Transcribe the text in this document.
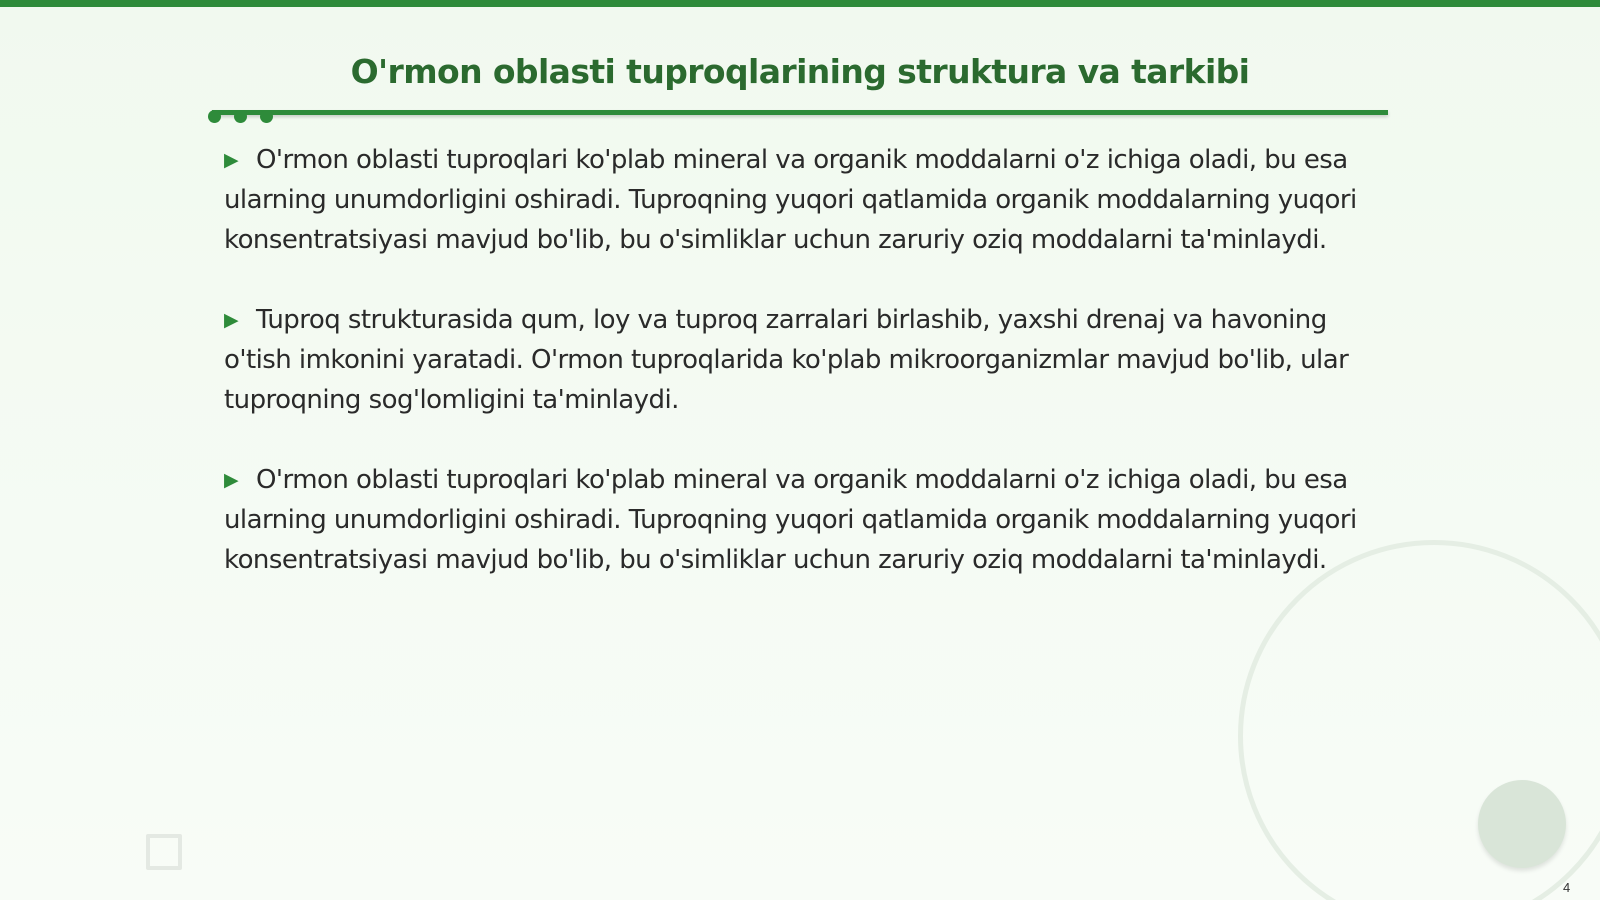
O'rmon oblasti tuproqlarining struktura va tarkibi

▶ O'rmon oblasti tuproqlari ko'plab mineral va organik moddalarni o'z ichiga oladi, bu esa ularning unumdorligini oshiradi. Tuproqning yuqori qatlamida organik moddalarning yuqori konsentratsiyasi mavjud bo'lib, bu o'simliklar uchun zaruriy oziq moddalarni ta'minlaydi.

▶ Tuproq strukturasida qum, loy va tuproq zarralari birlashib, yaxshi drenaj va havoning o'tish imkonini yaratadi. O'rmon tuproqlarida ko'plab mikroorganizmlar mavjud bo'lib, ular tuproqning sog'lomligini ta'minlaydi.

▶ O'rmon oblasti tuproqlari ko'plab mineral va organik moddalarni o'z ichiga oladi, bu esa ularning unumdorligini oshiradi. Tuproqning yuqori qatlamida organik moddalarning yuqori konsentratsiyasi mavjud bo'lib, bu o'simliklar uchun zaruriy oziq moddalarni ta'minlaydi.

4
